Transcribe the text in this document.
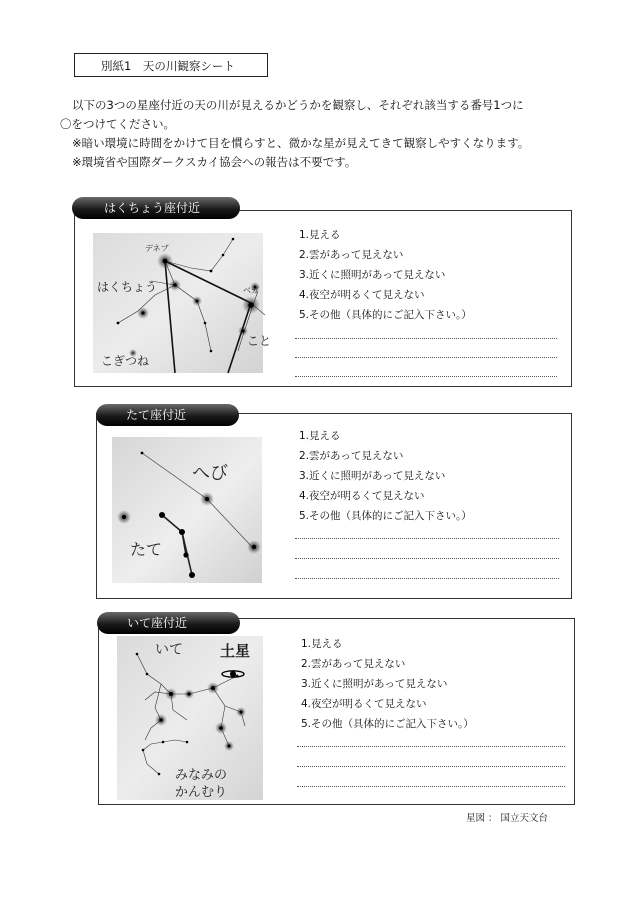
別紙1　天の川観察シート

以下の3つの星座付近の天の川が見えるかどうかを観察し、それぞれ該当する番号1つに

〇をつけてください。

※暗い環境に時間をかけて目を慣らすと、微かな星が見えてきて観察しやすくなります。

※環境省や国際ダークスカイ協会への報告は不要です。

はくちょう座付近
デネブ
はくちょう	ベガ
こと
こぎつね
1.見える
2.雲があって見えない
3.近くに照明があって見えない
4.夜空が明るくて見えない
5.その他（具体的にご記入下さい。）
たて座付近
へび
たて
1.見える
2.雲があって見えない
3.近くに照明があって見えない
4.夜空が明るくて見えない
5.その他（具体的にご記入下さい。）
いて座付近
いて 土星
みなみの
かんむり
1.見える
2.雲があって見えない
3.近くに照明があって見えない
4.夜空が明るくて見えない
5.その他（具体的にご記入下さい。）
星図 ： 国立天文台
